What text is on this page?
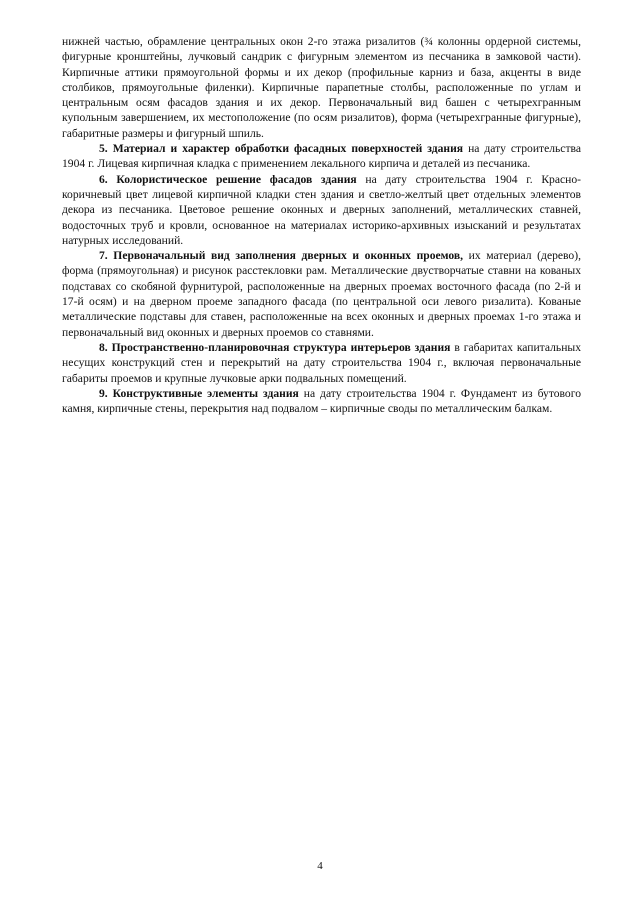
нижней частью, обрамление центральных окон 2-го этажа ризалитов (¾ колонны ордерной системы, фигурные кронштейны, лучковый сандрик с фигурным элементом из песчаника в замковой части). Кирпичные аттики прямоугольной формы и их декор (профильные карниз и база, акценты в виде столбиков, прямоугольные филенки). Кирпичные парапетные столбы, расположенные по углам и центральным осям фасадов здания и их декор. Первоначальный вид башен с четырехгранным купольным завершением, их местоположение (по осям ризалитов), форма (четырехгранные фигурные), габаритные размеры и фигурный шпиль.

5. Материал и характер обработки фасадных поверхностей здания на дату строительства 1904 г. Лицевая кирпичная кладка с применением лекального кирпича и деталей из песчаника.

6. Колористическое решение фасадов здания на дату строительства 1904 г. Красно-коричневый цвет лицевой кирпичной кладки стен здания и светло-желтый цвет отдельных элементов декора из песчаника. Цветовое решение оконных и дверных заполнений, металлических ставней, водосточных труб и кровли, основанное на материалах историко-архивных изысканий и результатах натурных исследований.

7. Первоначальный вид заполнения дверных и оконных проемов, их материал (дерево), форма (прямоугольная) и рисунок расстекловки рам. Металлические двустворчатые ставни на кованых подставах со скобяной фурнитурой, расположенные на дверных проемах восточного фасада (по 2-й и 17-й осям) и на дверном проеме западного фасада (по центральной оси левого ризалита). Кованые металлические подставы для ставен, расположенные на всех оконных и дверных проемах 1-го этажа и первоначальный вид оконных и дверных проемов со ставнями.

8. Пространственно-планировочная структура интерьеров здания в габаритах капитальных несущих конструкций стен и перекрытий на дату строительства 1904 г., включая первоначальные габариты проемов и крупные лучковые арки подвальных помещений.

9. Конструктивные элементы здания на дату строительства 1904 г. Фундамент из бутового камня, кирпичные стены, перекрытия над подвалом – кирпичные своды по металлическим балкам.

4
